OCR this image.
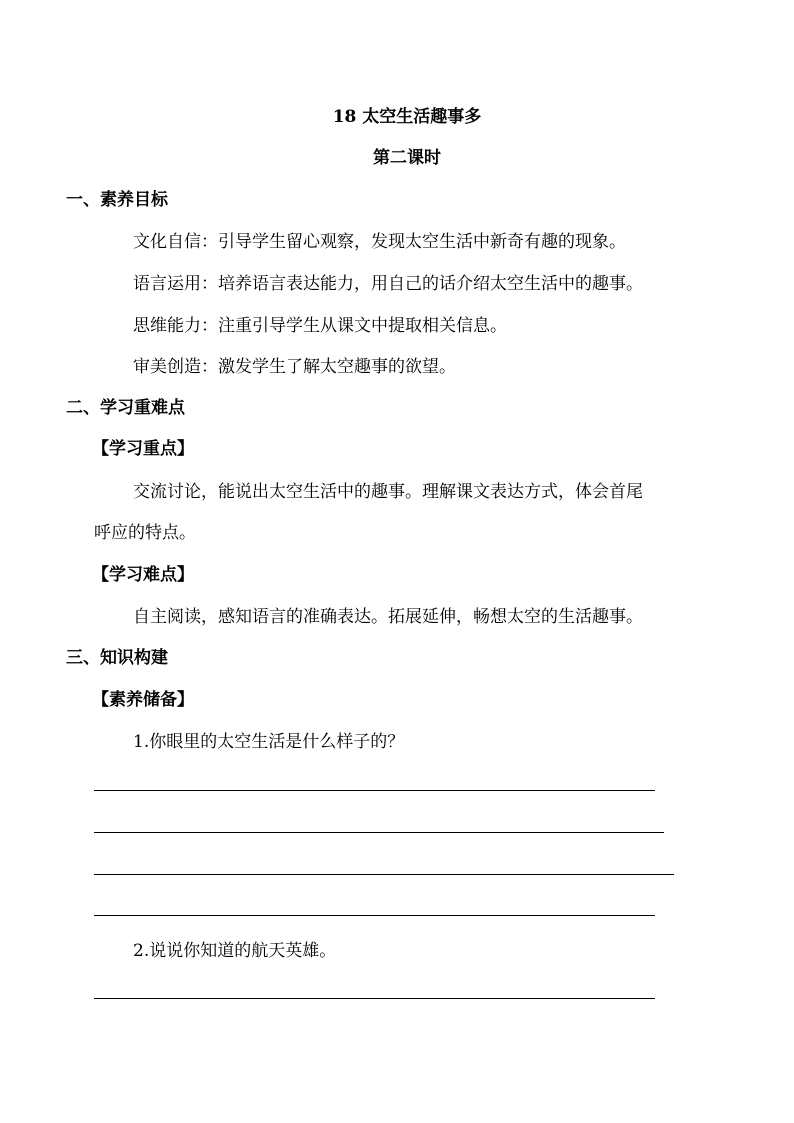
18 太空生活趣事多
第二课时
一、素养目标
文化自信：引导学生留心观察，发现太空生活中新奇有趣的现象。
语言运用：培养语言表达能力，用自己的话介绍太空生活中的趣事。
思维能力：注重引导学生从课文中提取相关信息。
审美创造：激发学生了解太空趣事的欲望。
二、学习重难点
【学习重点】
交流讨论，能说出太空生活中的趣事。理解课文表达方式，体会首尾
呼应的特点。
【学习难点】
自主阅读，感知语言的准确表达。拓展延伸，畅想太空的生活趣事。
三、知识构建
【素养储备】
1.你眼里的太空生活是什么样子的？
2.说说你知道的航天英雄。
